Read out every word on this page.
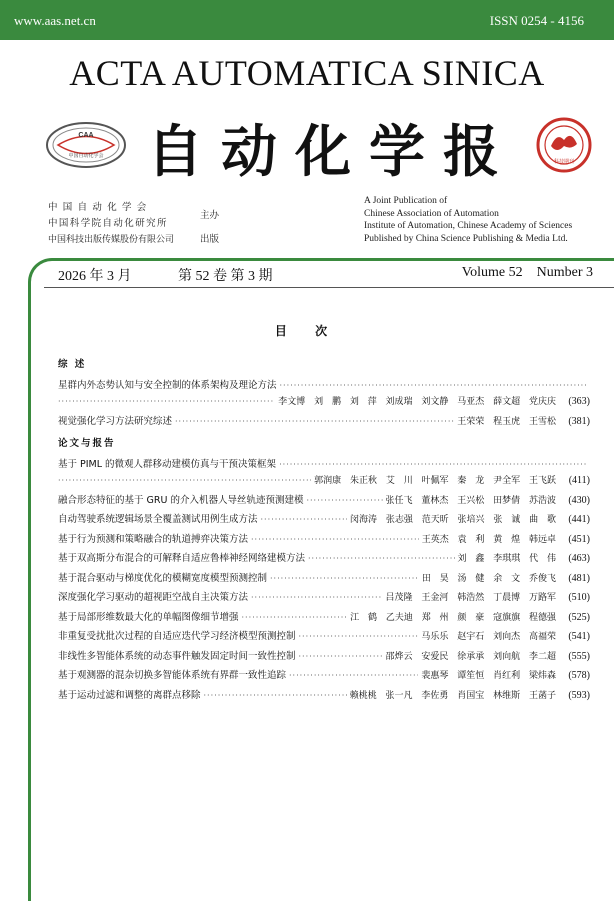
www.aas.net.cn	ISSN 0254 - 4156
ACTA AUTOMATICA SINICA
CAA
中国自动化学会 自动化学报	科技期刊
中国自动化学会
中国科学院自动化研究所
主办
中国科技出版传媒股份有限公司	出版
A Joint Publication of
Chinese Association of Automation
Institute of Automation, Chinese Academy of Sciences
Published by China Science Publishing & Media Ltd.
2026 年 3 月	第 52 卷 第 3 期	Volume 52 Number 3
目 次
综 述
星群内外态势认知与安全控制的体系架构及理论方法
·····
·····
李文博 刘 鹏 刘 萍 刘成瑞 刘文静 马亚杰 薛文超 党庆庆	(363)
视觉强化学习方法研究综述 ·····	王荣荣 程玉虎 王雪松	(381)
论文与报告
基于 PIML 的微观人群移动建模仿真与干预决策框架
·····
·····
郭润康 朱正秋 艾 川 叶佩军 秦 龙 尹全军 王飞跃	(411)
融合形态特征的基于 GRU 的介入机器人导丝轨迹预测建模 ·····	张任飞 董林杰 王兴松 田梦倩 苏浩波	(430)
自动驾驶系统逻辑场景全覆盖测试用例生成方法 ·····	闵海涛 张志强 范天昕 张培兴 张 诚 曲 歌	(441)
基于行为预测和策略融合的轨道搏弈决策方法 ·····	王英杰 袁 利 黄 煌 韩远卓	(451)
基于双高斯分布混合的可解释自适应鲁棒神经网络建模方法 ·····	刘 鑫 李琪琪 代 伟	(463)
基于混合驱动与梯度优化的模糊宽度模型预测控制 ·····	田 昊 汤 健 余 文 乔俊飞	(481)
深度强化学习驱动的超视距空战自主决策方法 ·····	吕茂隆 王金河 韩浩然 丁晨博 万路军	(510)
基于局部形维数最大化的单幅图像细节增强 ·····	江 鹤 乙夫迪 郑 州 颜 豪 寇旗旗 程德强	(525)
非重复受扰批次过程的自适应迭代学习经济模型预测控制 ·····	马乐乐 赵宇石 刘向杰 高福荣	(541)
非线性多智能体系统的动态事件触发固定时间一致性控制 ·····	邵烨云 安爱民 徐承承 刘向航 李二超	(555)
基于观测器的混杂切换多智能体系统有界群一致性追踪 ·····	裴惠琴 谭笙恒 肖红利 梁炜森	(578)
基于运动过滤和调整的离群点移除 ·····	赖桃桃 张一凡 李佐勇 肖国宝 林维斯 王菡子	(593)
